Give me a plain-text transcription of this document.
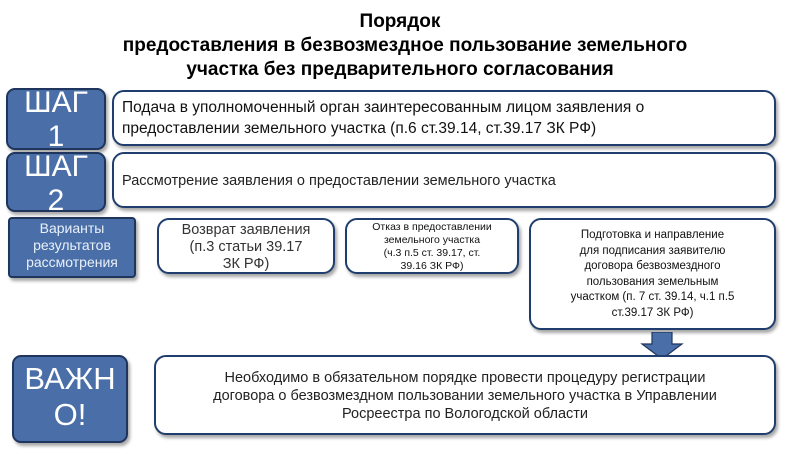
Порядок
предоставления в безвозмездное пользование земельного
участка без предварительного согласования
ШАГ
1
Подача в уполномоченный орган заинтересованным лицом заявления о предоставлении земельного участка (п.6 ст.39.14, ст.39.17 ЗК РФ)
ШАГ
2
Рассмотрение заявления о предоставлении земельного участка
Варианты
результатов
рассмотрения
Возврат заявления
(п.3 статьи 39.17
ЗК РФ)
Отказ в предоставлении
земельного участка
(ч.3 п.5 ст. 39.17, ст.
39.16 ЗК РФ)
Подготовка и направление
для подписания заявителю
договора безвозмездного
пользования земельным
участком (п. 7 ст. 39.14, ч.1 п.5
ст.39.17 ЗК РФ)
ВАЖН
О!
Необходимо в обязательном порядке провести процедуру регистрации
договора о безвозмездном пользовании земельного участка в Управлении
Росреестра по Вологодской области
